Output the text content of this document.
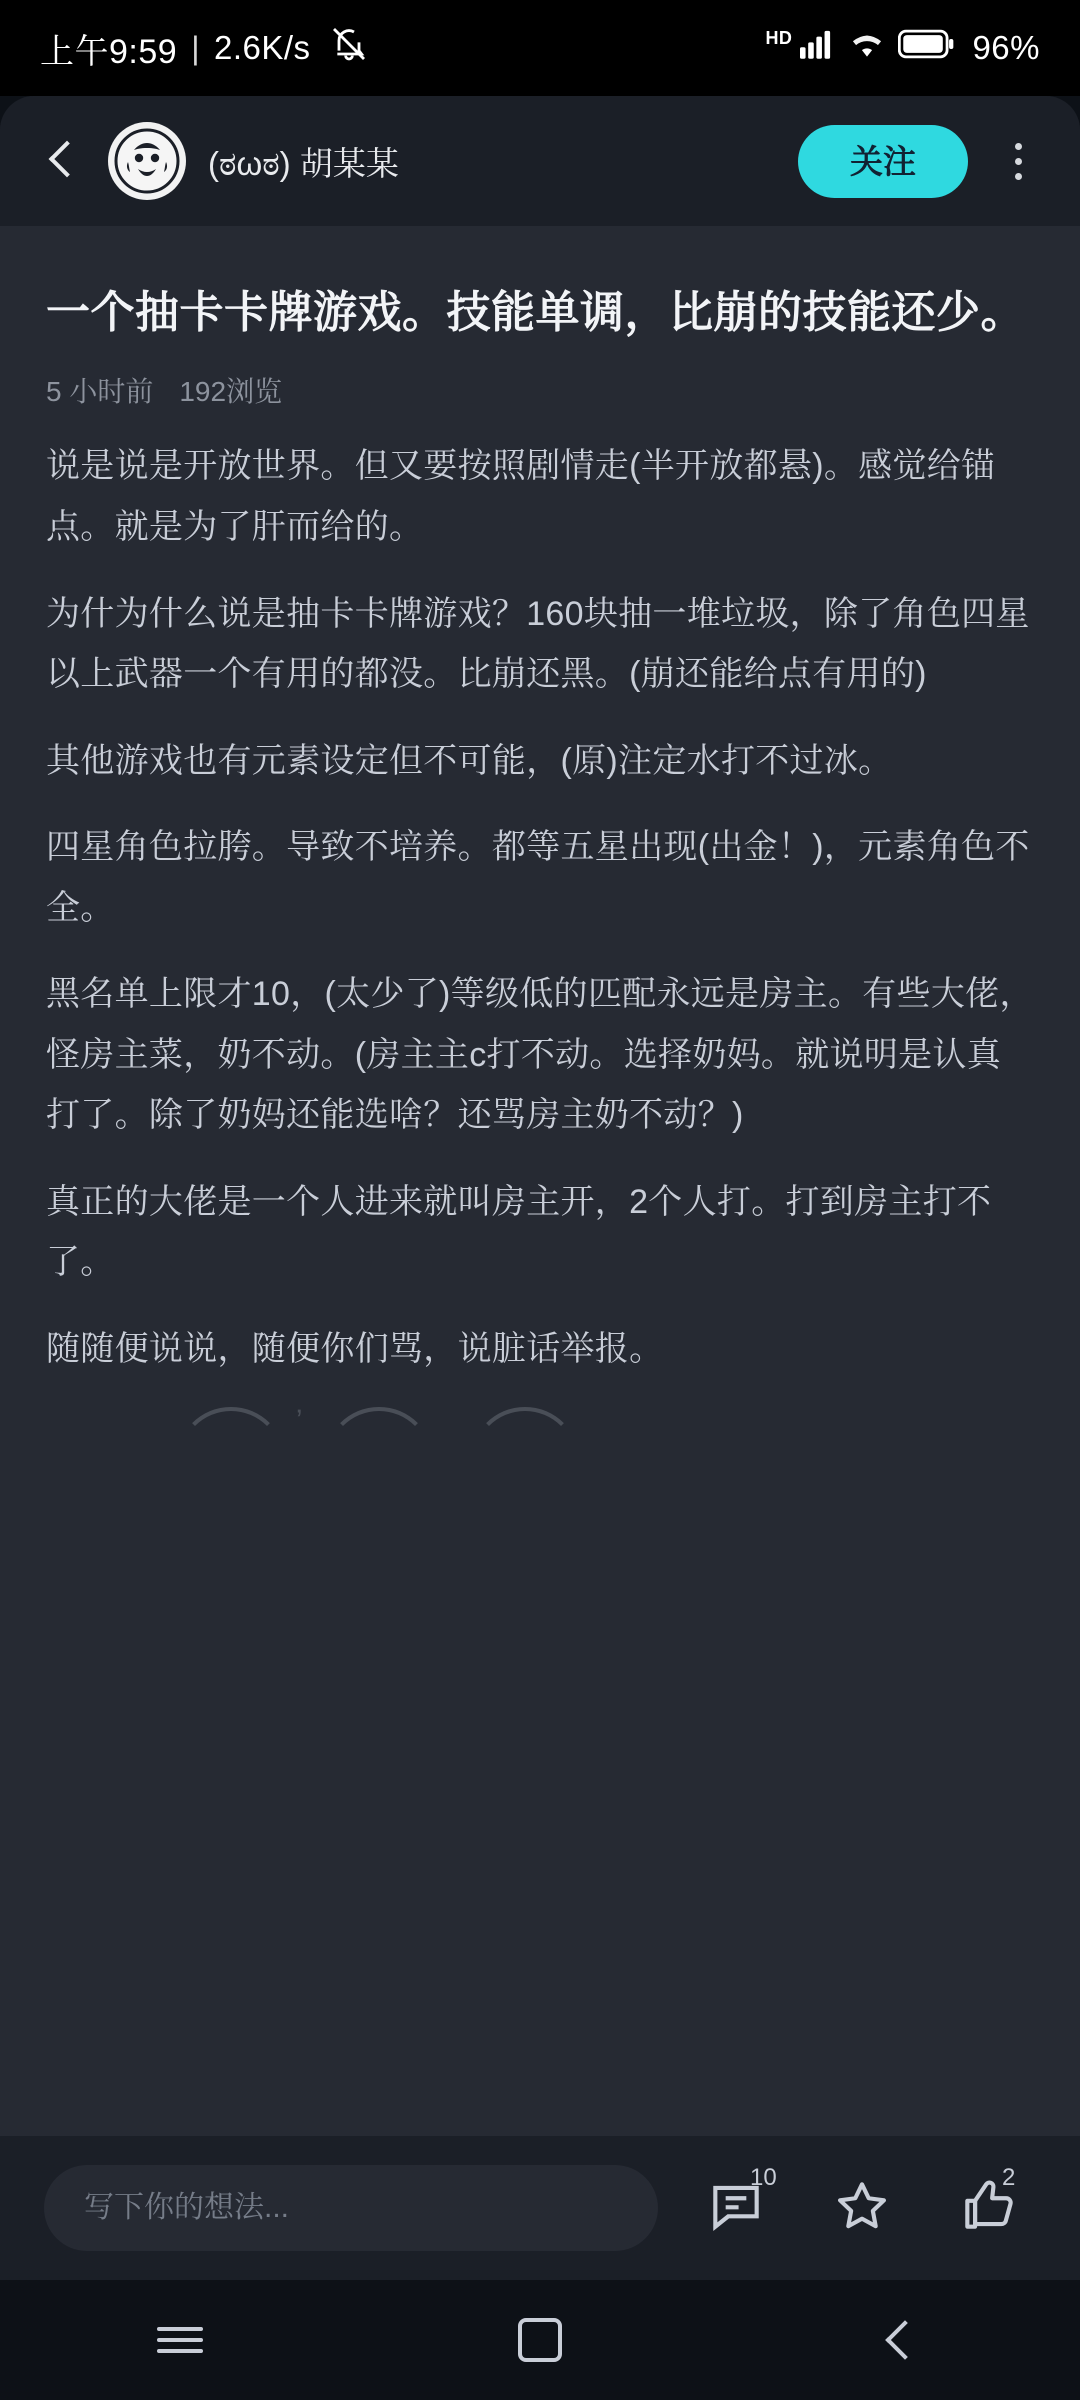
上午9:59 | 2.6K/s	HD	96%
(ಠωಠ) 胡某某	关注
一个抽卡卡牌游戏。技能单调，比崩的技能还少。
5 小时前 192浏览

说是说是开放世界。但又要按照剧情走(半开放都悬)。感觉给锚点。就是为了肝而给的。

为什为什么说是抽卡卡牌游戏？160块抽一堆垃圾，除了角色四星以上武器一个有用的都没。比崩还黑。(崩还能给点有用的)

其他游戏也有元素设定但不可能，(原)注定水打不过冰。

四星角色拉胯。导致不培养。都等五星出现(出金！)，元素角色不全。

黑名单上限才10，(太少了)等级低的匹配永远是房主。有些大佬，怪房主菜，奶不动。(房主主c打不动。选择奶妈。就说明是认真打了。除了奶妈还能选啥？还骂房主奶不动？)

真正的大佬是一个人进来就叫房主开，2个人打。打到房主打不了。

随随便说说，随便你们骂，说脏话举报。

ʼ
写下你的想法...
10	2
